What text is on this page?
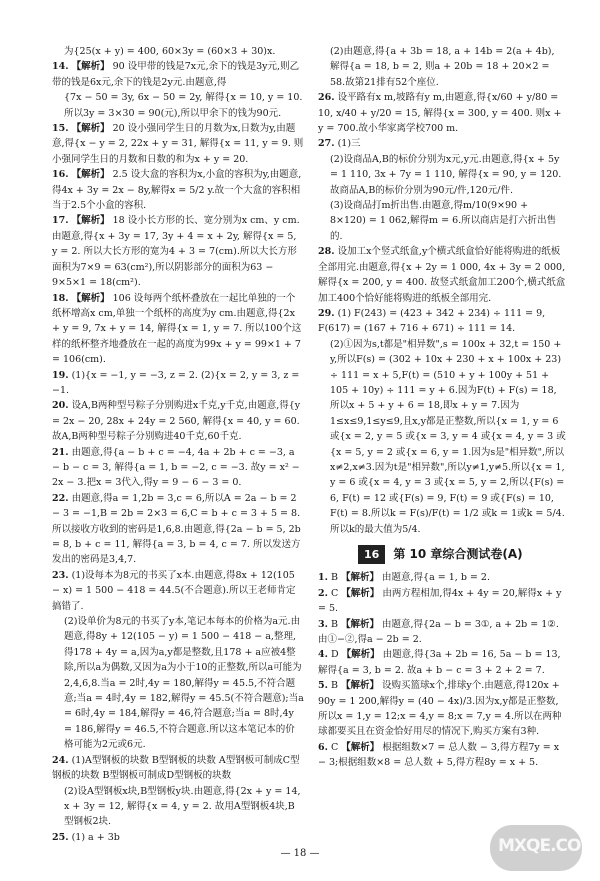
为{25(x + y) = 400, 60×3y = (60×3 + 30)x.

14. 【解析】 90 设甲带的钱是7x元,余下的钱是3y元,则乙带的钱是6x元,余下的钱是2y元.由题意,得

{7x − 50 = 3y, 6x − 50 = 2y, 解得{x = 10, y = 10. 所以3y = 3×30 = 90(元),所以甲余下的钱为90元.

15. 【解析】 20 设小强同学生日的月数为x,日数为y,由题意,得{x − y = 2, 22x + y = 31, 解得{x = 11, y = 9. 则小强同学生日的月数和日数的和为x + y = 20.

16. 【解析】 2.5 设大盒的容积为x,小盒的容积为y,由题意,得4x + 3y = 2x − 8y,解得x = 5/2 y.故一个大盒的容积相当于2.5个小盒的容积.

17. 【解析】 18 设小长方形的长、宽分别为x cm、y cm.由题意,得{x + 3y = 17, 3y + 4 = x + 2y, 解得{x = 5, y = 2. 所以大长方形的宽为4 + 3 = 7(cm).所以大长方形面积为7×9 = 63(cm²),所以阴影部分的面积为63 − 9×5×1 = 18(cm²).

18. 【解析】 106 设每两个纸杯叠放在一起比单独的一个纸杯增高x cm,单独一个纸杯的高度为y cm.由题意,得{2x + y = 9, 7x + y = 14, 解得{x = 1, y = 7. 所以100个这样的纸杯整齐地叠放在一起的高度为99x + y = 99×1 + 7 = 106(cm).

19. (1){x = −1, y = −3, z = 2. (2){x = 2, y = 3, z = −1.

20. 设A,B两种型号粽子分别购进x千克,y千克,由题意,得{y = 2x − 20, 28x + 24y = 2 560, 解得{x = 40, y = 60. 故A,B两种型号粽子分别购进40千克,60千克.

21. 由题意,得{a − b + c = −4, 4a + 2b + c = −3, a − b − c = 3, 解得{a = 1, b = −2, c = −3. 故y = x² − 2x − 3.把x = 3代入,得y = 9 − 6 − 3 = 0.

22. 由题意,得a = 1,2b = 3,c = 6,所以A = 2a − b = 2 − 3 = −1,B = 2b = 2×3 = 6,C = b + c = 3 + 5 = 8.所以接收方收到的密码是1,6,8.由题意,得{2a − b = 5, 2b = 8, b + c = 11, 解得{a = 3, b = 4, c = 7. 所以发送方发出的密码是3,4,7.

23. (1)设每本为8元的书买了x本.由题意,得8x + 12(105 − x) = 1 500 − 418 = 44.5(不合题意).所以王老师肯定搞错了.

(2)设单价为8元的书买了y本,笔记本每本的价格为a元.由题意,得8y + 12(105 − y) = 1 500 − 418 − a,整理,得178 + 4y = a,因为a,y都是整数,且178 + a应被4整除,所以a为偶数,又因为a为小于10的正整数,所以a可能为2,4,6,8.当a = 2时,4y = 180,解得y = 45.5,不符合题意;当a = 4时,4y = 182,解得y = 45.5(不符合题意);当a = 6时,4y = 184,解得y = 46,符合题意;当a = 8时,4y = 186,解得y = 46.5,不符合题意.所以这本笔记本的价格可能为2元或6元.

24. (1)A型钢板的块数 B型钢板的块数 A型钢板可制成C型钢板的块数 B型钢板可制成D型钢板的块数

(2)设A型钢板x块,B型钢板y块.由题意,得{2x + y = 14, x + 3y = 12, 解得{x = 4, y = 2. 故用A型钢板4块,B型钢板2块.

25. (1) a + 3b

(2)由题意,得{a + 3b = 18, a + 14b = 2(a + 4b), 解得{a = 18, b = 2, 则a + 20b = 18 + 20×2 = 58.故第21排有52个座位.

26. 设平路有x m,坡路有y m,由题意,得{x/60 + y/80 = 10, x/40 + y/20 = 15, 解得{x = 300, y = 400. 则x + y = 700.故小华家离学校700 m.

27. (1)三

(2)设商品A,B的标价分别为x元,y元.由题意,得{x + 5y = 1 110, 3x + 7y = 1 110, 解得{x = 90, y = 120. 故商品A,B的标价分别为90元/件,120元/件.

(3)设商品打m折出售.由题意,得m/10(9×90 + 8×120) = 1 062,解得m = 6.所以商店是打六折出售的.

28. 设加工x个竖式纸盒,y个横式纸盒恰好能将购进的纸板全部用完.由题意,得{x + 2y = 1 000, 4x + 3y = 2 000, 解得{x = 200, y = 400. 故竖式纸盒加工200个,横式纸盒加工400个恰好能将购进的纸板全部用完.

29. (1) F(243) = (423 + 342 + 234) ÷ 111 = 9, F(617) = (167 + 716 + 671) ÷ 111 = 14.

(2)①因为s,t都是"相异数",s = 100x + 32,t = 150 + y,所以F(s) = (302 + 10x + 230 + x + 100x + 23) ÷ 111 = x + 5,F(t) = (510 + y + 100y + 51 + 105 + 10y) ÷ 111 = y + 6.因为F(t) + F(s) = 18,所以x + 5 + y + 6 = 18,即x + y = 7.因为1≤x≤9,1≤y≤9,且x,y都是正整数,所以{x = 1, y = 6 或{x = 2, y = 5 或{x = 3, y = 4 或{x = 4, y = 3 或{x = 5, y = 2 或{x = 6, y = 1.因为s是"相异数",所以x≠2,x≠3.因为t是"相异数",所以y≠1,y≠5.所以{x = 1, y = 6 或{x = 4, y = 3 或{x = 5, y = 2,所以{F(s) = 6, F(t) = 12 或{F(s) = 9, F(t) = 9 或{F(s) = 10, F(t) = 8.所以k = F(s)/F(t) = 1/2 或k = 1或k = 5/4.所以k的最大值为5/4.

16	第 10 章综合测试卷(A)

1. B 【解析】 由题意,得{a = 1, b = 2.

2. C 【解析】 由两方程相加,得4x + 4y = 20,解得x + y = 5.

3. B 【解析】 由题意,得{2a − b = 3①, a + 2b = 1②. 由①−②,得a − 2b = 2.

4. D 【解析】 由题意,得{3a + 2b = 16, 5a − b = 13, 解得{a = 3, b = 2. 故a + b − c = 3 + 2 + 2 = 7.

5. B 【解析】 设购买篮球x个,排球y个.由题意,得120x + 90y = 1 200,解得y = (40 − 4x)/3.因为x,y都是正整数,所以x = 1,y = 12;x = 4,y = 8;x = 7,y = 4.所以在两种球都要买且在资金恰好用尽的情况下,购买方案有3种.

6. C 【解析】 根据组数×7 = 总人数 − 3,得方程7y = x − 3;根据组数×8 = 总人数 + 5,得方程8y = x + 5.

— 18 —	MXQE.COM
